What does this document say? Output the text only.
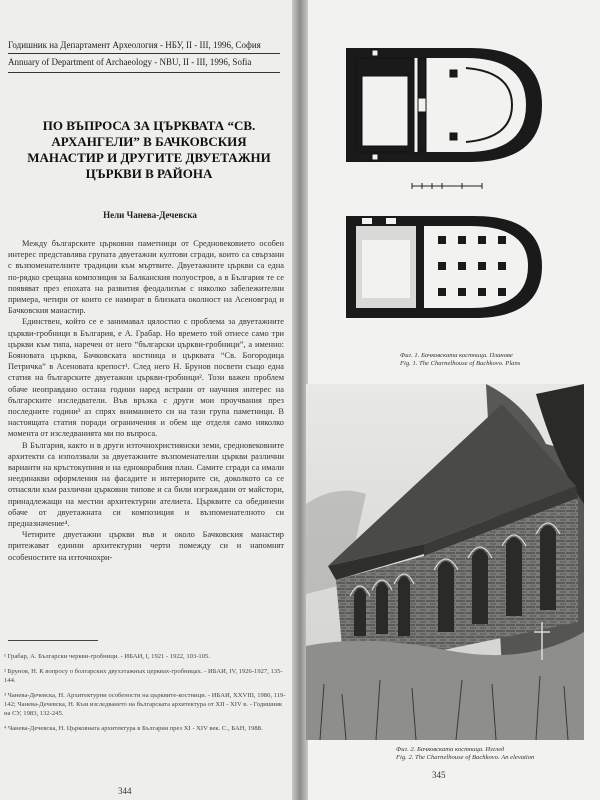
Годишник на Департамент Археология - НБУ, II - III, 1996, София
Annuary of Department of Archaeology - NBU, II - III, 1996, Sofia
ПО ВЪПРОСА ЗА ЦЪРКВАТА “СВ. АРХАНГЕЛИ” В БАЧКОВСКИЯ МАНАСТИР И ДРУГИТЕ ДВУЕТАЖНИ ЦЪРКВИ В РАЙОНА
Нели Чанева-Дечевска

Между българските църковни паметници от Средновековието особен интерес представлява групата двуетажни култови сгради, които са свързани с възпоменателните традиции към мъртвите. Двуетажните църкви са една по-рядко срещана композиция за Балканския полуостров, а в България те се появяват през епохата на развития феодализъм с няколко забележителни примера, четири от които се намират в близката околност на Асеновград и Бачковския манастир.

Единствен, който се е занимавал цялостно с проблема за двуетажните църкви-гробници в България, е А. Грабар. Но времето той отнесе само три църкви към типа, наречен от него “български църкви-гробници”, а именно: Бояновата църква, Бачковската костница и църквата “Св. Богородица Петричка” в Асеновата крепост¹. След него Н. Брунов посвети също една статия на българските двуетажни църкви-гробници². Този важен проблем обаче неоправдано остана години наред встрани от научния интерес на българските изследватели. Във връзка с други мои проучвания през последните години³ аз спрях вниманието си на тази група паметници. В настоящата статия поради ограничения и обем ще отделя само няколко момента от изследванията ми по въпроса.

В България, както и в други източнохристиянски земи, средновековните архитекти са използвали за двуетажните възпоменателни църкви различни варианти на кръстокупния и на еднокорабния план. Самите сгради са имали неединакви оформления на фасадите и интериорите си, доколкото са се отнасяли към различни църковни типове и са били изграждани от майстори, принадлежащи на местни архитектурни ателиета. Църквите са обединени обаче от двуетажната си композиция и възпоменателното си предназначение⁴.

Четирите двуетажни църкви във и около Бачковския манастир притежават единни архитектурни черти помежду си и напомнят особеностите на източнохри-

¹ Грабар, А. Български черкви-гробници. - ИБАИ, I, 1921 - 1922, 103-105.
² Брунов, Н. К вопросу о болгарских двухэтажных церквах-гробницах. - ИБАИ, IV, 1926-1927, 135-144.
³ Чанева-Дечевска, Н. Архитектурни особености на църквите-костници. - ИБАИ, XXVIII, 1980, 119-142; Чанева-Дечевска, Н. Към изследването на българската архитектура от XII - XIV в. - Годишник на СУ, 1983, 132-245.
⁴ Чанева-Дечевска, Н. Църковната архитектура в България през XI - XIV век. С., БАН, 1988.
344
Фиг. 1. Бачковската костница. Планове
Fig. 1. The Charnelhouse of Bachkovo. Plans
Фиг. 2. Бачковската костница. Изглед
Fig. 2. The Charnelhouse of Bachkovo. An elevation
345
